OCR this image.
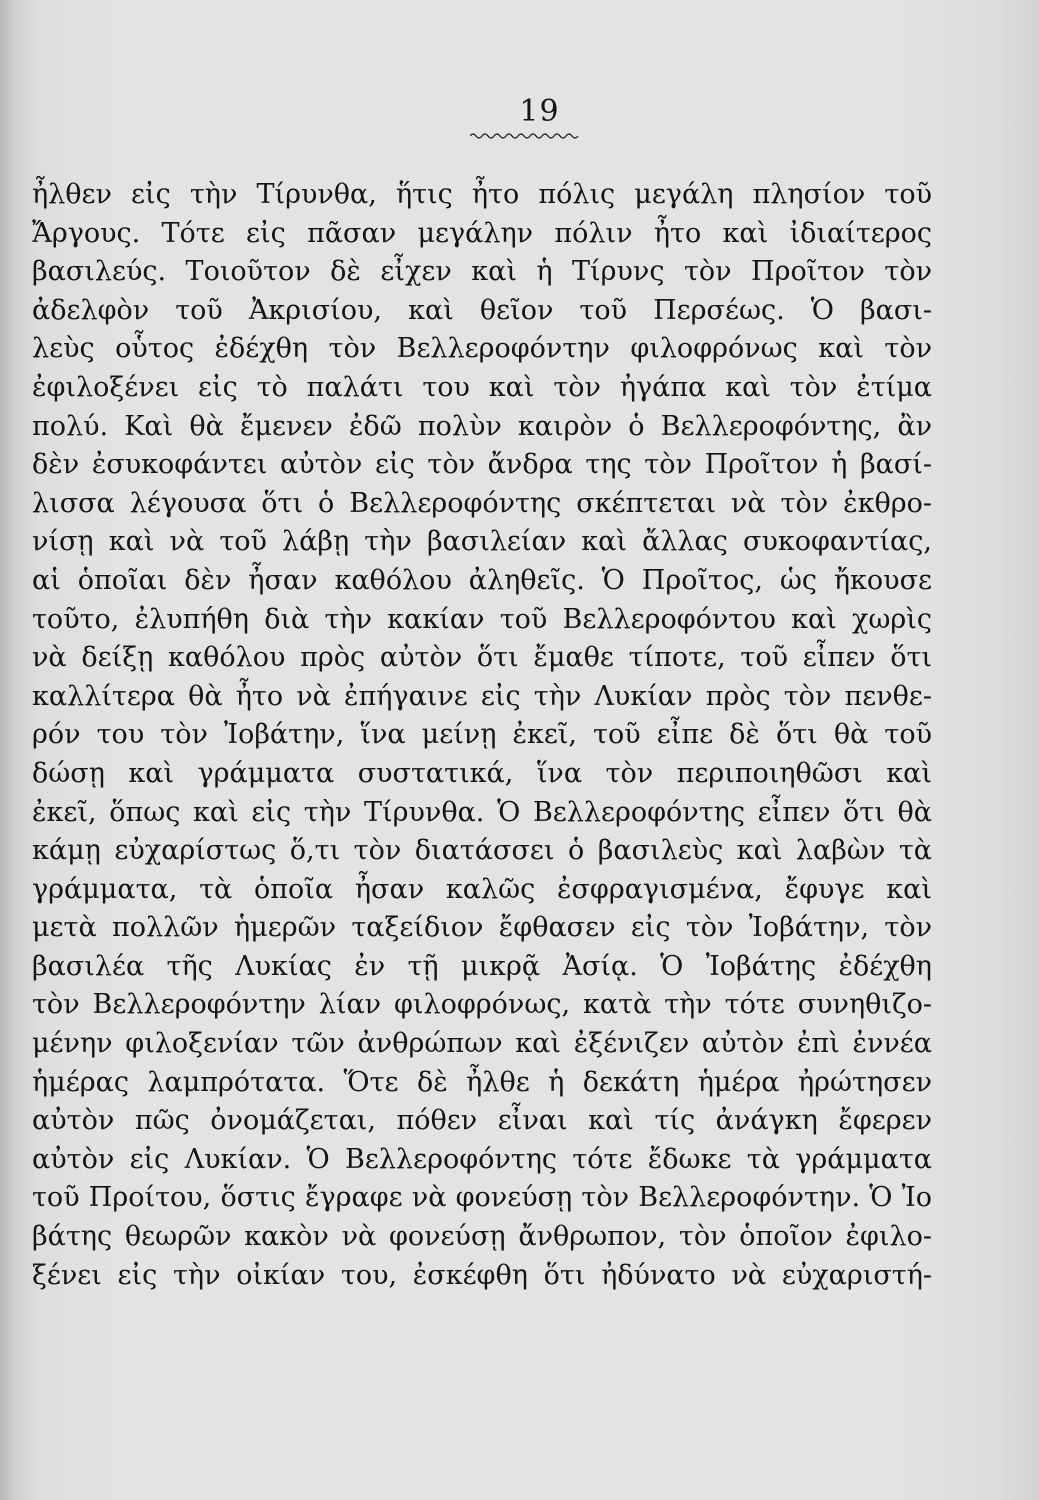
19
ἦλθεν εἰς τὴν Τίρυνθα, ἥτις ἦτο πόλις μεγάλη πλησίον τοῦ
Ἄργους. Τότε εἰς πᾶσαν μεγάλην πόλιν ἦτο καὶ ἰδιαίτερος
βασιλεύς. Τοιοῦτον δὲ εἶχεν καὶ ἡ Τίρυνς τὸν Προῖτον τὸν
ἀδελφὸν τοῦ Ἀκρισίου, καὶ θεῖον τοῦ Περσέως. Ὁ βασι-
λεὺς οὗτος ἐδέχθη τὸν Βελλεροφόντην φιλοφρόνως καὶ τὸν
ἐφιλοξένει εἰς τὸ παλάτι του καὶ τὸν ἠγάπα καὶ τὸν ἐτίμα
πολύ. Καὶ θὰ ἔμενεν ἐδῶ πολὺν καιρὸν ὁ Βελλεροφόντης, ἂν
δὲν ἐσυκοφάντει αὐτὸν εἰς τὸν ἄνδρα της τὸν Προῖτον ἡ βασί-
λισσα λέγουσα ὅτι ὁ Βελλεροφόντης σκέπτεται νὰ τὸν ἐκθρο-
νίσῃ καὶ νὰ τοῦ λάβῃ τὴν βασιλείαν καὶ ἄλλας συκοφαντίας,
αἱ ὁποῖαι δὲν ἦσαν καθόλου ἀληθεῖς. Ὁ Προῖτος, ὡς ἤκουσε
τοῦτο, ἐλυπήθη διὰ τὴν κακίαν τοῦ Βελλεροφόντου καὶ χωρὶς
νὰ δείξῃ καθόλου πρὸς αὐτὸν ὅτι ἔμαθε τίποτε, τοῦ εἶπεν ὅτι
καλλίτερα θὰ ἦτο νὰ ἐπήγαινε εἰς τὴν Λυκίαν πρὸς τὸν πενθε-
ρόν του τὸν Ἰοβάτην, ἵνα μείνῃ ἐκεῖ, τοῦ εἶπε δὲ ὅτι θὰ τοῦ
δώσῃ καὶ γράμματα συστατικά, ἵνα τὸν περιποιηθῶσι καὶ
ἐκεῖ, ὅπως καὶ εἰς τὴν Τίρυνθα. Ὁ Βελλεροφόντης εἶπεν ὅτι θὰ
κάμῃ εὐχαρίστως ὅ,τι τὸν διατάσσει ὁ βασιλεὺς καὶ λαβὼν τὰ
γράμματα, τὰ ὁποῖα ἦσαν καλῶς ἐσφραγισμένα, ἔφυγε καὶ
μετὰ πολλῶν ἡμερῶν ταξείδιον ἔφθασεν εἰς τὸν Ἰοβάτην, τὸν
βασιλέα τῆς Λυκίας ἐν τῇ μικρᾷ Ἀσίᾳ. Ὁ Ἰοβάτης ἐδέχθη
τὸν Βελλεροφόντην λίαν φιλοφρόνως, κατὰ τὴν τότε συνηθιζο-
μένην φιλοξενίαν τῶν ἀνθρώπων καὶ ἐξένιζεν αὐτὸν ἐπὶ ἐννέα
ἡμέρας λαμπρότατα. Ὅτε δὲ ἦλθε ἡ δεκάτη ἡμέρα ἠρώτησεν
αὐτὸν πῶς ὀνομάζεται, πόθεν εἶναι καὶ τίς ἀνάγκη ἔφερεν
αὐτὸν εἰς Λυκίαν. Ὁ Βελλεροφόντης τότε ἔδωκε τὰ γράμματα
τοῦ Προίτου, ὅστις ἔγραφε νὰ φονεύσῃ τὸν Βελλεροφόντην. Ὁ Ἰο
βάτης θεωρῶν κακὸν νὰ φονεύσῃ ἄνθρωπον, τὸν ὁποῖον ἐφιλο-
ξένει εἰς τὴν οἰκίαν του, ἐσκέφθη ὅτι ἠδύνατο νὰ εὐχαριστή-
